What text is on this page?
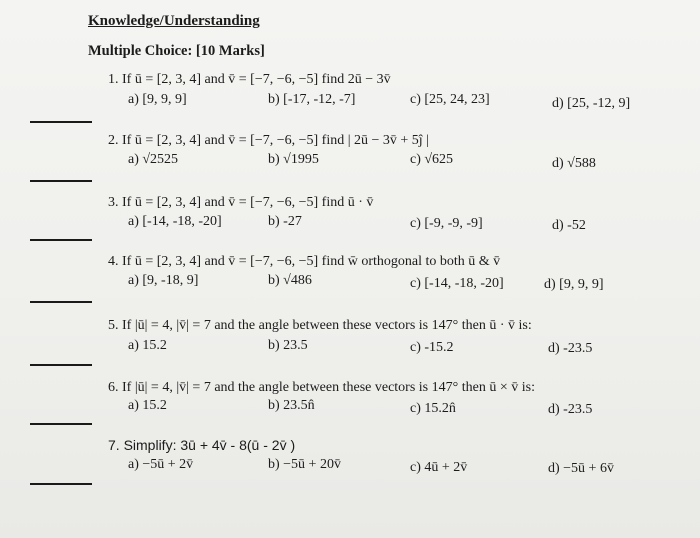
Knowledge/Understanding
Multiple Choice: [10 Marks]
1. If ū = [2, 3, 4] and v̄ = [−7, −6, −5] find 2ū − 3v̄
a) [9, 9, 9]	b) [-17, -12, -7]	c) [25, 24, 23]	d) [25, -12, 9]
2. If ū = [2, 3, 4] and v̄ = [−7, −6, −5] find | 2ū − 3v̄ + 5ĵ |
a) √2525	b) √1995	c) √625	d) √588
3. If ū = [2, 3, 4] and v̄ = [−7, −6, −5] find ū · v̄
a) [-14, -18, -20]	b) -27	c) [-9, -9, -9]	d) -52
4. If ū = [2, 3, 4] and v̄ = [−7, −6, −5] find w̄ orthogonal to both ū & v̄
a) [9, -18, 9]	b) √486	c) [-14, -18, -20]	d) [9, 9, 9]
5. If |ū| = 4, |v̄| = 7 and the angle between these vectors is 147° then ū · v̄ is:
a) 15.2	b) 23.5	c) -15.2	d) -23.5
6. If |ū| = 4, |v̄| = 7 and the angle between these vectors is 147° then ū × v̄ is:
a) 15.2	b) 23.5n̂	c) 15.2n̂	d) -23.5
7. Simplify: 3ū + 4v̄ - 8(ū - 2v̄ )
a) −5ū + 2v̄	b) −5ū + 20v̄	c) 4ū + 2v̄	d) −5ū + 6v̄
